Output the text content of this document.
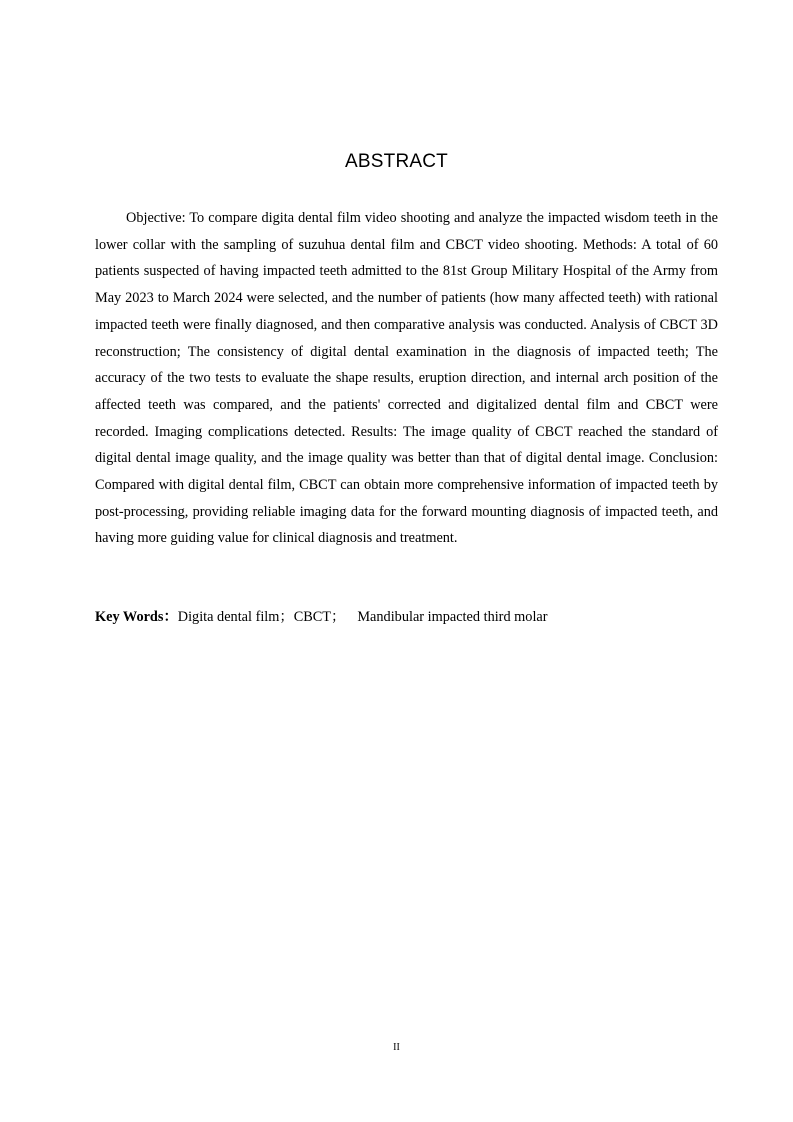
ABSTRACT

Objective: To compare digita dental film video shooting and analyze the impacted wisdom teeth in the lower collar with the sampling of suzuhua dental film and CBCT video shooting. Methods: A total of 60 patients suspected of having impacted teeth admitted to the 81st Group Military Hospital of the Army from May 2023 to March 2024 were selected, and the number of patients (how many affected teeth) with rational impacted teeth were finally diagnosed, and then comparative analysis was conducted. Analysis of CBCT 3D reconstruction; The consistency of digital dental examination in the diagnosis of impacted teeth; The accuracy of the two tests to evaluate the shape results, eruption direction, and internal arch position of the affected teeth was compared, and the patients' corrected and digitalized dental film and CBCT were recorded. Imaging complications detected. Results: The image quality of CBCT reached the standard of digital dental image quality, and the image quality was better than that of digital dental image. Conclusion: Compared with digital dental film, CBCT can obtain more comprehensive information of impacted teeth by post-processing, providing reliable imaging data for the forward mounting diagnosis of impacted teeth, and having more guiding value for clinical diagnosis and treatment.

Key Words：Digita dental film；CBCT； Mandibular impacted third molar

II
